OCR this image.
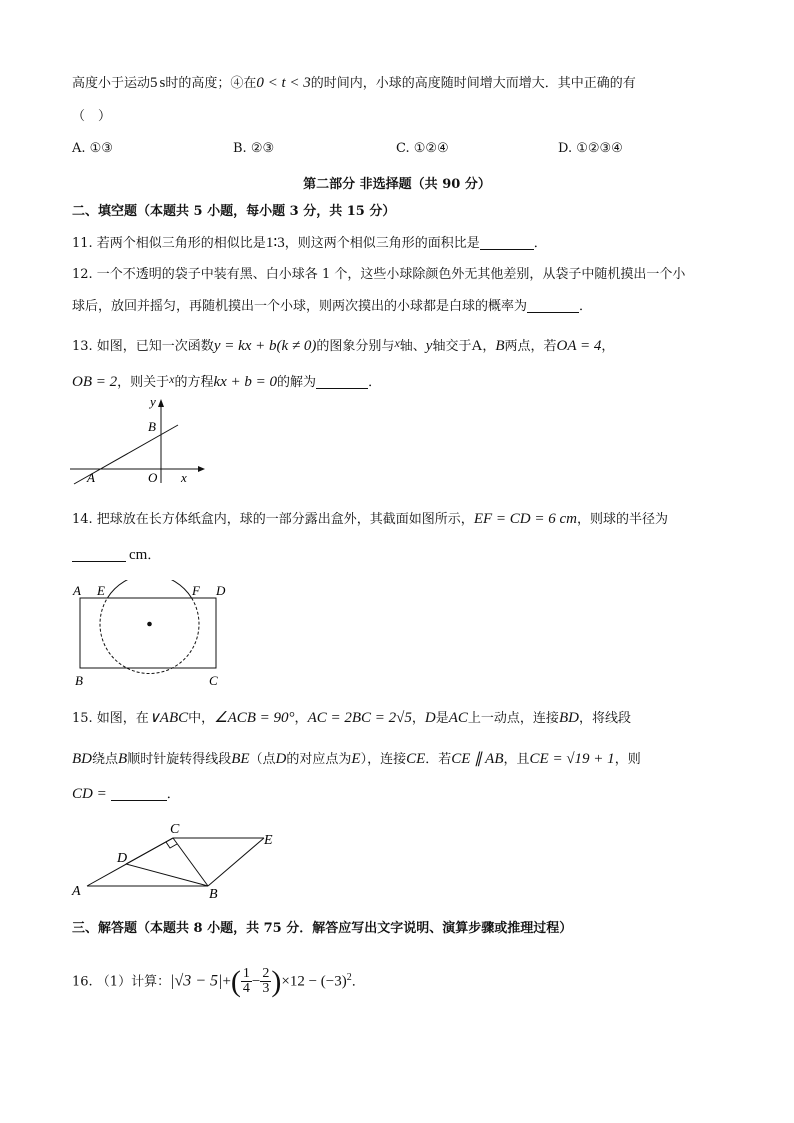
高度小于运动5 s时的高度；④在0 < t < 3的时间内，小球的高度随时间增大而增大．其中正确的有
（　）
A. ①③	B. ②③	C. ①②④	D. ①②③④
第二部分 非选择题（共 90 分）
二、填空题（本题共 5 小题，每小题 3 分，共 15 分）
11. 若两个相似三角形的相似比是1∶3，则这两个相似三角形的面积比是	．
12. 一个不透明的袋子中装有黑、白小球各 1 个，这些小球除颜色外无其他差别，从袋子中随机摸出一个小
球后，放回并摇匀，再随机摸出一个小球，则两次摸出的小球都是白球的概率为	．
13. 如图，已知一次函数y = kx + b(k ≠ 0)的图象分别与x轴、y轴交于A，B两点，若OA = 4，
OB = 2，则关于x的方程kx + b = 0的解为	．
y
B
A	O x
14. 把球放在长方体纸盒内，球的一部分露出盒外，其截面如图所示，EF = CD = 6 cm，则球的半径为
cm．
A E	F D
B	C
15. 如图，在∨ABC中，∠ACB = 90°，AC = 2BC = 2√5，D是AC上一动点，连接BD，将线段
BD绕点B顺时针旋转得线段BE（点D的对应点为E），连接CE．若CE ∥ AB，且CE = √19 + 1，则
CD =	．
C
E
D
A	B
三、解答题（本题共 8 小题，共 75 分．解答应写出文字说明、演算步骤或推理过程）
16. （1）计算：$|√3 - 5|+( \frac{1}{4} - \frac{2}{3} )\times 12 - (-3)^2$．
